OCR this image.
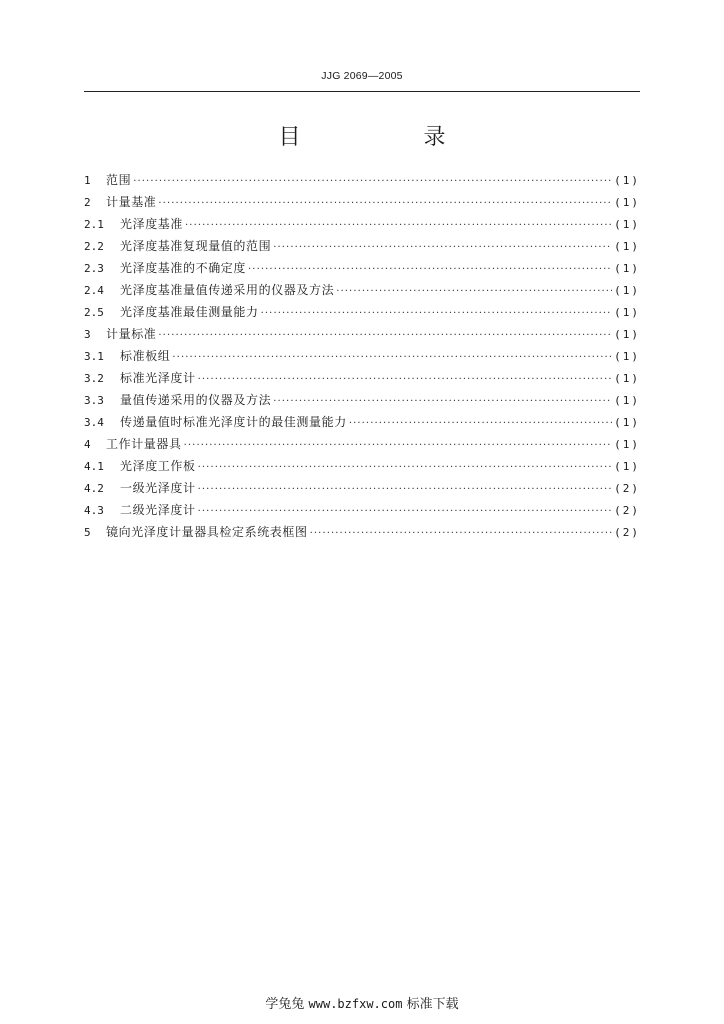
JJG 2069—2005
目 录
1	范围 ·····	(1)
2	计量基准 ·····	(1)
2.1	光泽度基准 ·····	(1)
2.2	光泽度基准复现量值的范围 ·····	(1)
2.3	光泽度基准的不确定度 ·····	(1)
2.4	光泽度基准量值传递采用的仪器及方法 ·····	(1)
2.5	光泽度基准最佳测量能力 ·····	(1)
3	计量标准 ·····	(1)
3.1	标准板组 ·····	(1)
3.2	标准光泽度计 ·····	(1)
3.3	量值传递采用的仪器及方法 ·····	(1)
3.4	传递量值时标准光泽度计的最佳测量能力 ·····	(1)
4	工作计量器具 ·····	(1)
4.1	光泽度工作板 ·····	(1)
4.2	一级光泽度计 ·····	(2)
4.3	二级光泽度计 ·····	(2)
5	镜向光泽度计量器具检定系统表框图 ·····	(2)
学兔兔 www.bzfxw.com 标准下载
